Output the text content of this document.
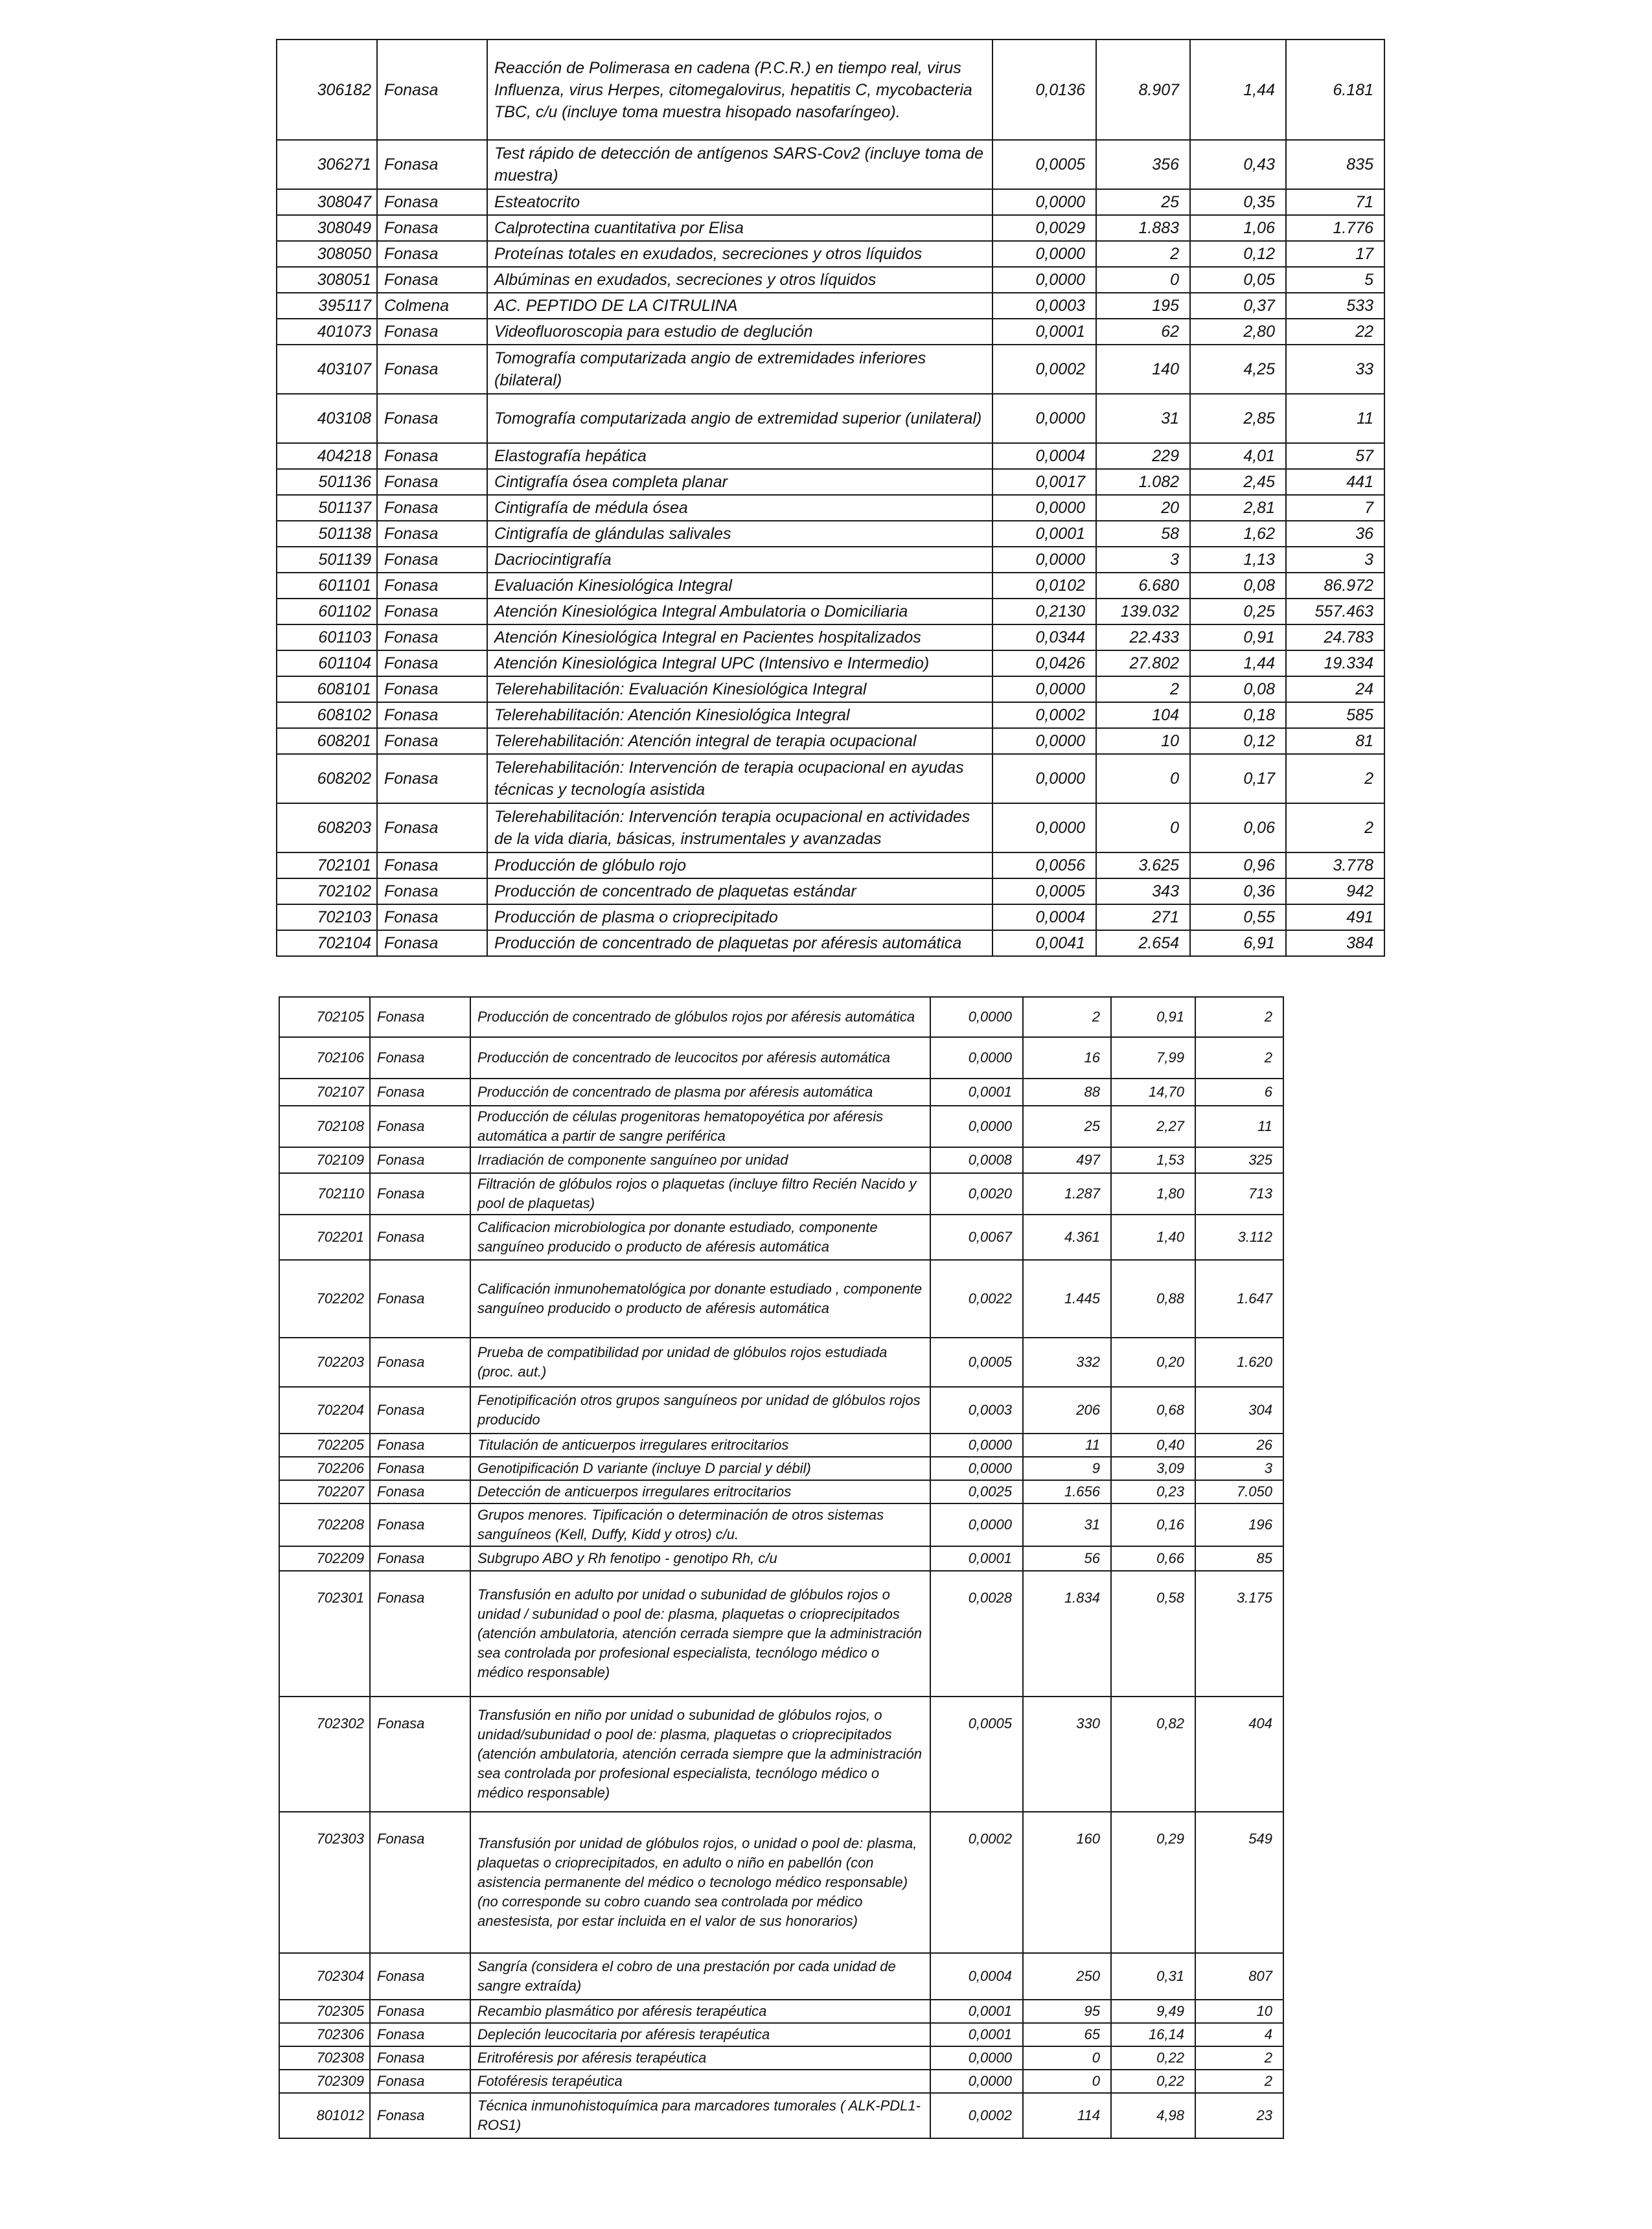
306182	Fonasa	Reacción de Polimerasa en cadena (P.C.R.) en tiempo real, virus Influenza, virus Herpes, citomegalovirus, hepatitis C, mycobacteria TBC, c/u (incluye toma muestra hisopado nasofaríngeo).	0,0136	8.907	1,44	6.181
306271	Fonasa	Test rápido de detección de antígenos SARS-Cov2 (incluye toma de muestra)	0,0005	356	0,43	835
308047	Fonasa	Esteatocrito	0,0000	25	0,35	71
308049	Fonasa	Calprotectina cuantitativa por Elisa	0,0029	1.883	1,06	1.776
308050	Fonasa	Proteínas totales en exudados, secreciones y otros líquidos	0,0000	2	0,12	17
308051	Fonasa	Albúminas en exudados, secreciones y otros líquidos	0,0000	0	0,05	5
395117	Colmena	AC. PEPTIDO DE LA CITRULINA	0,0003	195	0,37	533
401073	Fonasa	Videofluoroscopia para estudio de deglución	0,0001	62	2,80	22
403107	Fonasa	Tomografía computarizada angio de extremidades inferiores (bilateral)	0,0002	140	4,25	33
403108	Fonasa	Tomografía computarizada angio de extremidad superior (unilateral)	0,0000	31	2,85	11
404218	Fonasa	Elastografía hepática	0,0004	229	4,01	57
501136	Fonasa	Cintigrafía ósea completa planar	0,0017	1.082	2,45	441
501137	Fonasa	Cintigrafía de médula ósea	0,0000	20	2,81	7
501138	Fonasa	Cintigrafía de glándulas salivales	0,0001	58	1,62	36
501139	Fonasa	Dacriocintigrafía	0,0000	3	1,13	3
601101	Fonasa	Evaluación Kinesiológica Integral	0,0102	6.680	0,08	86.972
601102	Fonasa	Atención Kinesiológica Integral Ambulatoria o Domiciliaria	0,2130	139.032	0,25	557.463
601103	Fonasa	Atención Kinesiológica Integral en Pacientes hospitalizados	0,0344	22.433	0,91	24.783
601104	Fonasa	Atención Kinesiológica Integral UPC (Intensivo e Intermedio)	0,0426	27.802	1,44	19.334
608101	Fonasa	Telerehabilitación: Evaluación Kinesiológica Integral	0,0000	2	0,08	24
608102	Fonasa	Telerehabilitación: Atención Kinesiológica Integral	0,0002	104	0,18	585
608201	Fonasa	Telerehabilitación: Atención integral de terapia ocupacional	0,0000	10	0,12	81
608202	Fonasa	Telerehabilitación: Intervención de terapia ocupacional en ayudas técnicas y tecnología asistida	0,0000	0	0,17	2
608203	Fonasa	Telerehabilitación: Intervención terapia ocupacional en actividades de la vida diaria, básicas, instrumentales y avanzadas	0,0000	0	0,06	2
702101	Fonasa	Producción de glóbulo rojo	0,0056	3.625	0,96	3.778
702102	Fonasa	Producción de concentrado de plaquetas estándar	0,0005	343	0,36	942
702103	Fonasa	Producción de plasma o crioprecipitado	0,0004	271	0,55	491
702104	Fonasa	Producción de concentrado de plaquetas por aféresis automática	0,0041	2.654	6,91	384
702105	Fonasa	Producción de concentrado de glóbulos rojos por aféresis automática	0,0000	2	0,91	2
702106	Fonasa	Producción de concentrado de leucocitos por aféresis automática	0,0000	16	7,99	2
702107	Fonasa	Producción de concentrado de plasma por aféresis automática	0,0001	88	14,70	6
702108	Fonasa	Producción de células progenitoras hematopoyética por aféresis automática a partir de sangre periférica	0,0000	25	2,27	11
702109	Fonasa	Irradiación de componente sanguíneo por unidad	0,0008	497	1,53	325
702110	Fonasa	Filtración de glóbulos rojos o plaquetas (incluye filtro Recién Nacido y pool de plaquetas)	0,0020	1.287	1,80	713
702201	Fonasa	Calificacion microbiologica por donante estudiado, componente sanguíneo producido o producto de aféresis automática	0,0067	4.361	1,40	3.112
702202	Fonasa	Calificación inmunohematológica por donante estudiado , componente sanguíneo producido o producto de aféresis automática	0,0022	1.445	0,88	1.647
702203	Fonasa	Prueba de compatibilidad por unidad de glóbulos rojos estudiada (proc. aut.)	0,0005	332	0,20	1.620
702204	Fonasa	Fenotipificación otros grupos sanguíneos por unidad de glóbulos rojos producido	0,0003	206	0,68	304
702205	Fonasa	Titulación de anticuerpos irregulares eritrocitarios	0,0000	11	0,40	26
702206	Fonasa	Genotipificación D variante (incluye D parcial y débil)	0,0000	9	3,09	3
702207	Fonasa	Detección de anticuerpos irregulares eritrocitarios	0,0025	1.656	0,23	7.050
702208	Fonasa	Grupos menores. Tipificación o determinación de otros sistemas sanguíneos (Kell, Duffy, Kidd y otros) c/u.	0,0000	31	0,16	196
702209	Fonasa	Subgrupo ABO y Rh fenotipo - genotipo Rh, c/u	0,0001	56	0,66	85
702301	Fonasa	Transfusión en adulto por unidad o subunidad de glóbulos rojos o unidad / subunidad o pool de: plasma, plaquetas o crioprecipitados (atención ambulatoria, atención cerrada siempre que la administración sea controlada por profesional especialista, tecnólogo médico o médico responsable)	0,0028	1.834	0,58	3.175
702302	Fonasa	Transfusión en niño por unidad o subunidad de glóbulos rojos, o unidad/subunidad o pool de: plasma, plaquetas o crioprecipitados (atención ambulatoria, atención cerrada siempre que la administración sea controlada por profesional especialista, tecnólogo médico o médico responsable)	0,0005	330	0,82	404
702303	Fonasa	Transfusión por unidad de glóbulos rojos, o unidad o pool de: plasma, plaquetas o crioprecipitados, en adulto o niño en pabellón (con asistencia permanente del médico o tecnologo médico responsable)(no corresponde su cobro cuando sea controlada por médico anestesista, por estar incluida en el valor de sus honorarios)	0,0002	160	0,29	549
702304	Fonasa	Sangría (considera el cobro de una prestación por cada unidad de sangre extraída)	0,0004	250	0,31	807
702305	Fonasa	Recambio plasmático por aféresis terapéutica	0,0001	95	9,49	10
702306	Fonasa	Depleción leucocitaria por aféresis terapéutica	0,0001	65	16,14	4
702308	Fonasa	Eritroféresis por aféresis terapéutica	0,0000	0	0,22	2
702309	Fonasa	Fotoféresis terapéutica	0,0000	0	0,22	2
801012	Fonasa	Técnica inmunohistoquímica para marcadores tumorales ( ALK-PDL1-ROS1)	0,0002	114	4,98	23
